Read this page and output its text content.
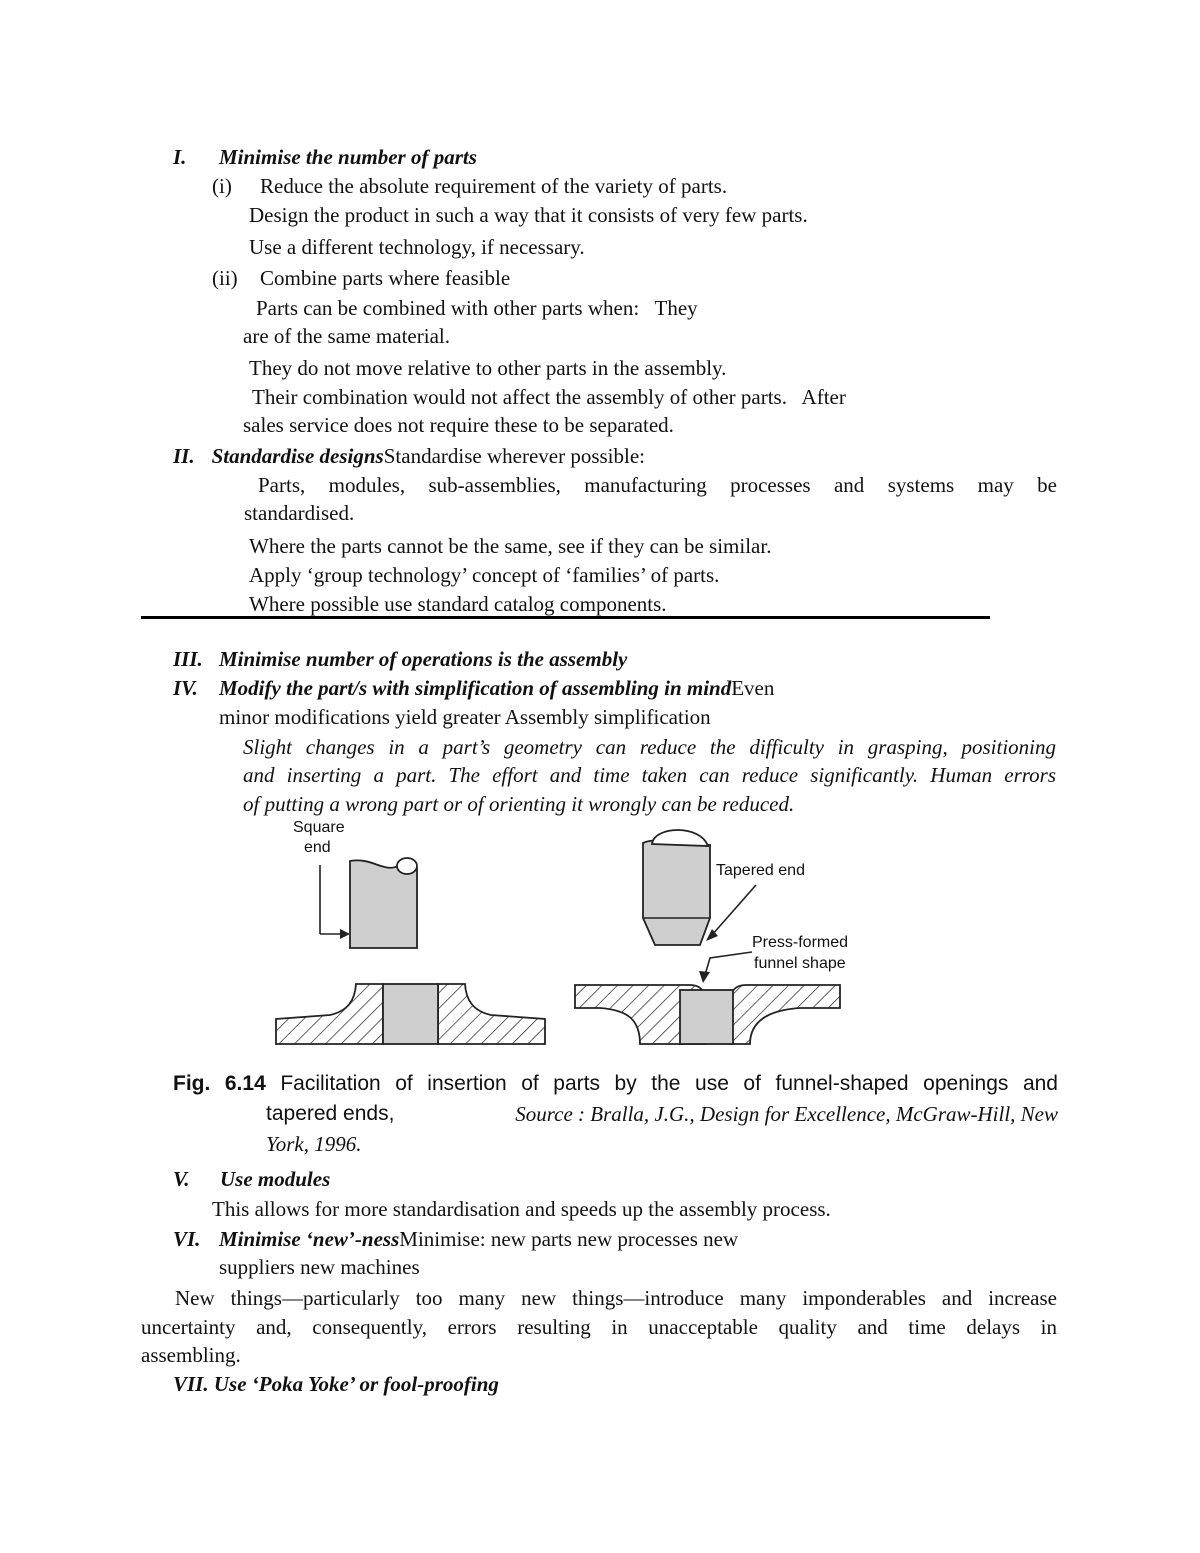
I. Minimise the number of parts
(i) Reduce the absolute requirement of the variety of parts.
Design the product in such a way that it consists of very few parts.
Use a different technology, if necessary.
(ii) Combine parts where feasible
Parts can be combined with other parts when:   They
are of the same material.
They do not move relative to other parts in the assembly.
Their combination would not affect the assembly of other parts.   After
sales service does not require these to be separated.
II. Standardise designsStandardise wherever possible:
Parts, modules, sub-assemblies, manufacturing processes and systems may be
standardised.
Where the parts cannot be the same, see if they can be similar.
Apply ‘group technology’ concept of ‘families’ of parts.
Where possible use standard catalog components.
III. Minimise number of operations is the assembly
IV. Modify the part/s with simplification of assembling in mindEven
minor modifications yield greater Assembly simplification
Slight changes in a part’s geometry can reduce the difficulty in grasping, positioning
and inserting a part. The effort and time taken can reduce significantly. Human errors
of putting a wrong part or of orienting it wrongly can be reduced.
Square
end
Tapered end
Press-formed
funnel shape
Fig. 6.14 Facilitation of insertion of parts by the use of funnel-shaped openings and
tapered ends,	Source : Bralla, J.G., Design for Excellence, McGraw-Hill, New
York, 1996.
V. Use modules
This allows for more standardisation and speeds up the assembly process.
VI. Minimise ‘new’-nessMinimise: new parts new processes new
suppliers new machines
New things—particularly too many new things—introduce many imponderables and increase
uncertainty and, consequently, errors resulting in unacceptable quality and time delays in
assembling.
VII. Use ‘Poka Yoke’ or fool-proofing
